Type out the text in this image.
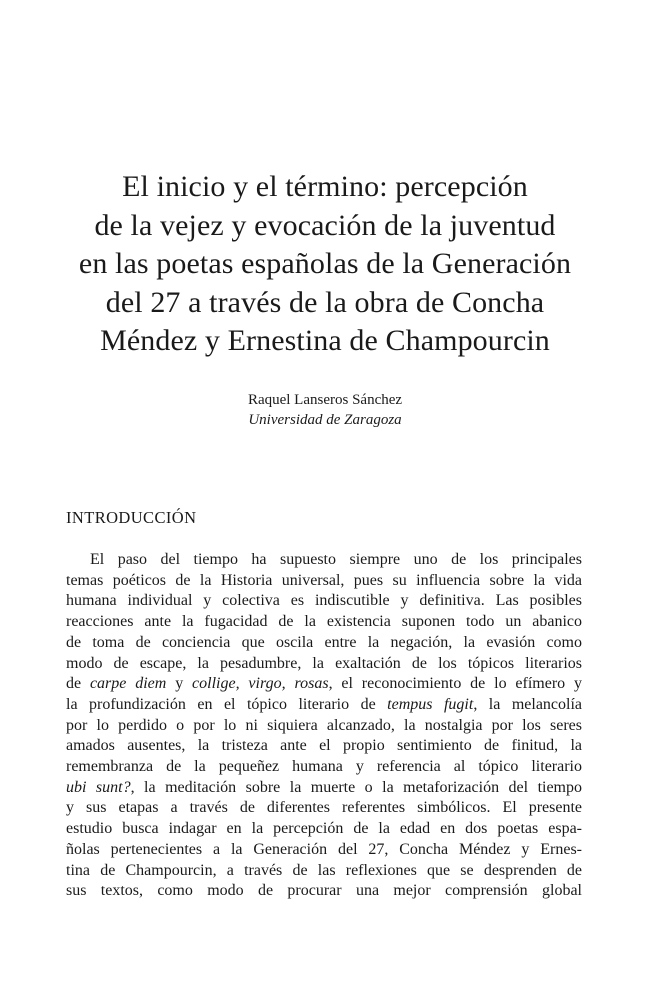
El inicio y el término: percepción
de la vejez y evocación de la juventud
en las poetas españolas de la Generación
del 27 a través de la obra de Concha
Méndez y Ernestina de Champourcin
Raquel Lanseros Sánchez
Universidad de Zaragoza
INTRODUCCIÓN

El paso del tiempo ha supuesto siempre uno de los principales
temas poéticos de la Historia universal, pues su influencia sobre la vida
humana individual y colectiva es indiscutible y definitiva. Las posibles
reacciones ante la fugacidad de la existencia suponen todo un abanico
de toma de conciencia que oscila entre la negación, la evasión como
modo de escape, la pesadumbre, la exaltación de los tópicos literarios
de carpe diem y collige, virgo, rosas, el reconocimiento de lo efímero y
la profundización en el tópico literario de tempus fugit, la melancolía
por lo perdido o por lo ni siquiera alcanzado, la nostalgia por los seres
amados ausentes, la tristeza ante el propio sentimiento de finitud, la
remembranza de la pequeñez humana y referencia al tópico literario
ubi sunt?, la meditación sobre la muerte o la metaforización del tiempo
y sus etapas a través de diferentes referentes simbólicos. El presente
estudio busca indagar en la percepción de la edad en dos poetas espa-
ñolas pertenecientes a la Generación del 27, Concha Méndez y Ernes-
tina de Champourcin, a través de las reflexiones que se desprenden de
sus textos, como modo de procurar una mejor comprensión global
